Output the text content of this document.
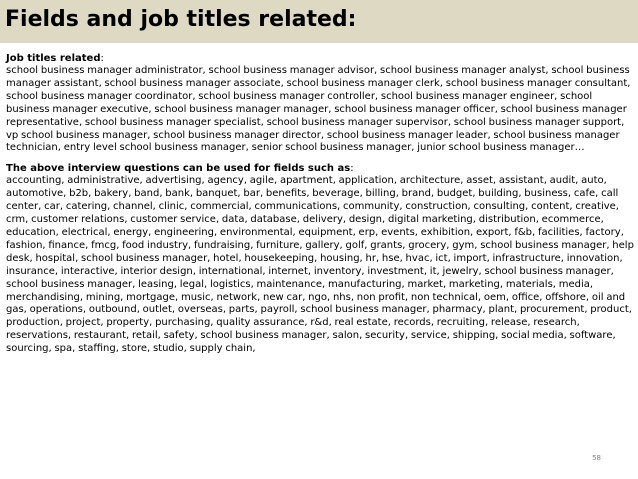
Fields and job titles related:
Job titles related:

school business manager administrator, school business manager advisor, school business manager analyst, school business manager assistant, school business manager associate, school business manager clerk, school business manager consultant, school business manager coordinator, school business manager controller, school business manager engineer, school business manager executive, school business manager manager, school business manager officer, school business manager representative, school business manager specialist, school business manager supervisor, school business manager support, vp school business manager, school business manager director, school business manager leader, school business manager technician, entry level school business manager, senior school business manager, junior school business manager…

The above interview questions can be used for fields such as:

accounting, administrative, advertising, agency, agile, apartment, application, architecture, asset, assistant, audit, auto, automotive, b2b, bakery, band, bank, banquet, bar, benefits, beverage, billing, brand, budget, building, business, cafe, call center, car, catering, channel, clinic, commercial, communications, community, construction, consulting, content, creative, crm, customer relations, customer service, data, database, delivery, design, digital marketing, distribution, ecommerce, education, electrical, energy, engineering, environmental, equipment, erp, events, exhibition, export, f&b, facilities, factory, fashion, finance, fmcg, food industry, fundraising, furniture, gallery, golf, grants, grocery, gym, school business manager, help desk, hospital, school business manager, hotel, housekeeping, housing, hr, hse, hvac, ict, import, infrastructure, innovation, insurance, interactive, interior design, international, internet, inventory, investment, it, jewelry, school business manager, school business manager, leasing, legal, logistics, maintenance, manufacturing, market, marketing, materials, media, merchandising, mining, mortgage, music, network, new car, ngo, nhs, non profit, non technical, oem, office, offshore, oil and gas, operations, outbound, outlet, overseas, parts, payroll, school business manager, pharmacy, plant, procurement, product, production, project, property, purchasing, quality assurance, r&d, real estate, records, recruiting, release, research, reservations, restaurant, retail, safety, school business manager, salon, security, service, shipping, social media, software, sourcing, spa, staffing, store, studio, supply chain,

58
